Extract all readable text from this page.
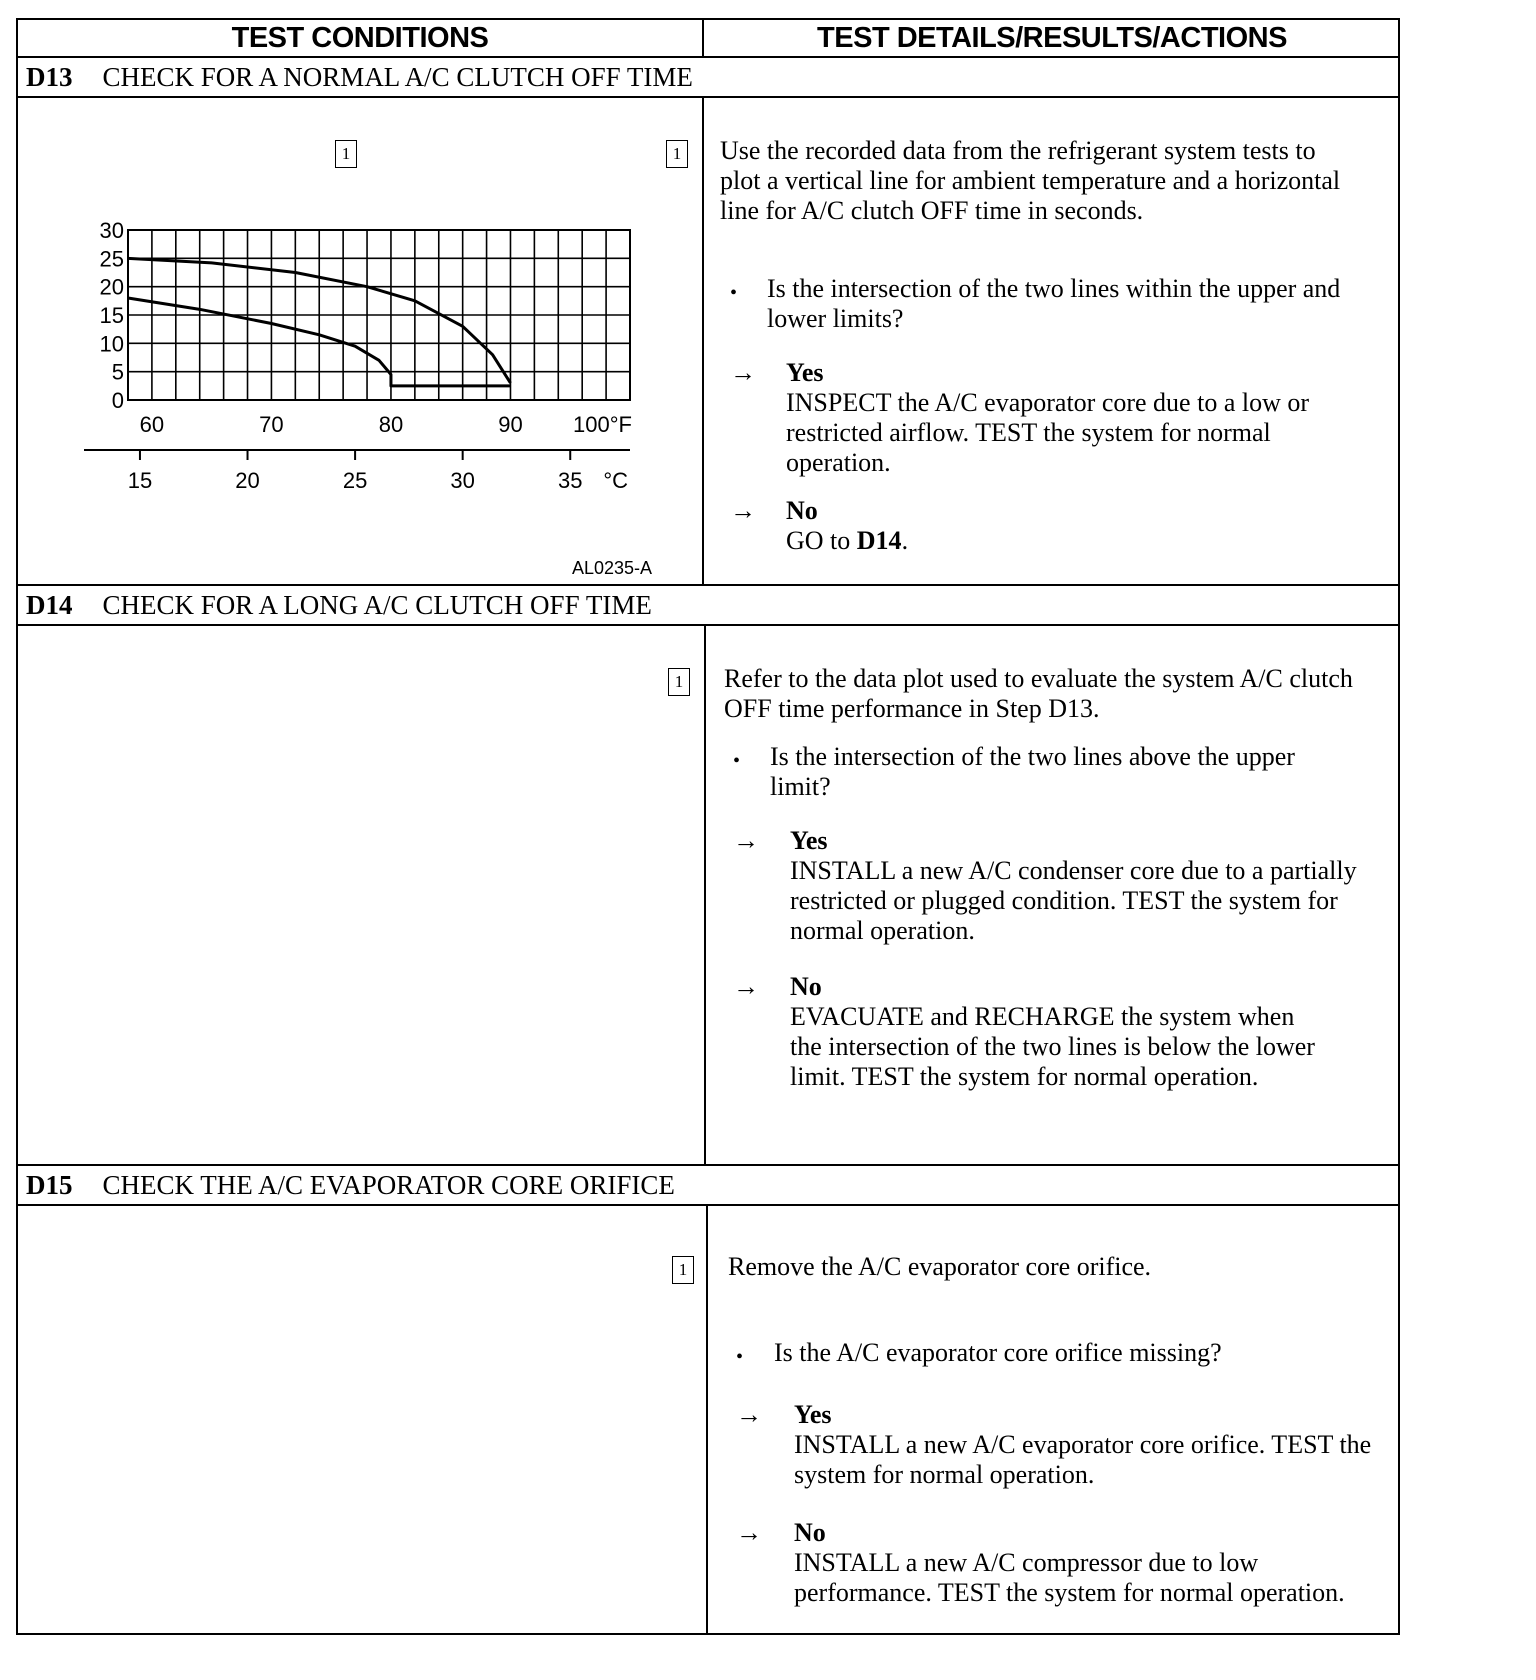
TEST CONDITIONS	TEST DETAILS/RESULTS/ACTIONS
D13 CHECK FOR A NORMAL A/C CLUTCH OFF TIME
1
0
5
10
15
20
25
30
60	70	80	90 100°F
15	20	25	30	35 °C
AL0235-A
1 Use the recorded data from the refrigerant system tests to plot a vertical line for ambient temperature and a horizontal line for A/C clutch OFF time in seconds.
• Is the intersection of the two lines within the upper and lower limits?
→ Yes
INSPECT the A/C evaporator core due to a low or restricted airflow. TEST the system for normal operation.
→ No
GO to D14.
D14 CHECK FOR A LONG A/C CLUTCH OFF TIME
1 Refer to the data plot used to evaluate the system A/C clutch OFF time performance in Step D13.
• Is the intersection of the two lines above the upper limit?
→ Yes
INSTALL a new A/C condenser core due to a partially restricted or plugged condition. TEST the system for normal operation.
→ No
EVACUATE and RECHARGE the system when the intersection of the two lines is below the lower limit. TEST the system for normal operation.
D15 CHECK THE A/C EVAPORATOR CORE ORIFICE
1 Remove the A/C evaporator core orifice.
• Is the A/C evaporator core orifice missing?
→ Yes
INSTALL a new A/C evaporator core orifice. TEST the system for normal operation.
→ No
INSTALL a new A/C compressor due to low performance. TEST the system for normal operation.
